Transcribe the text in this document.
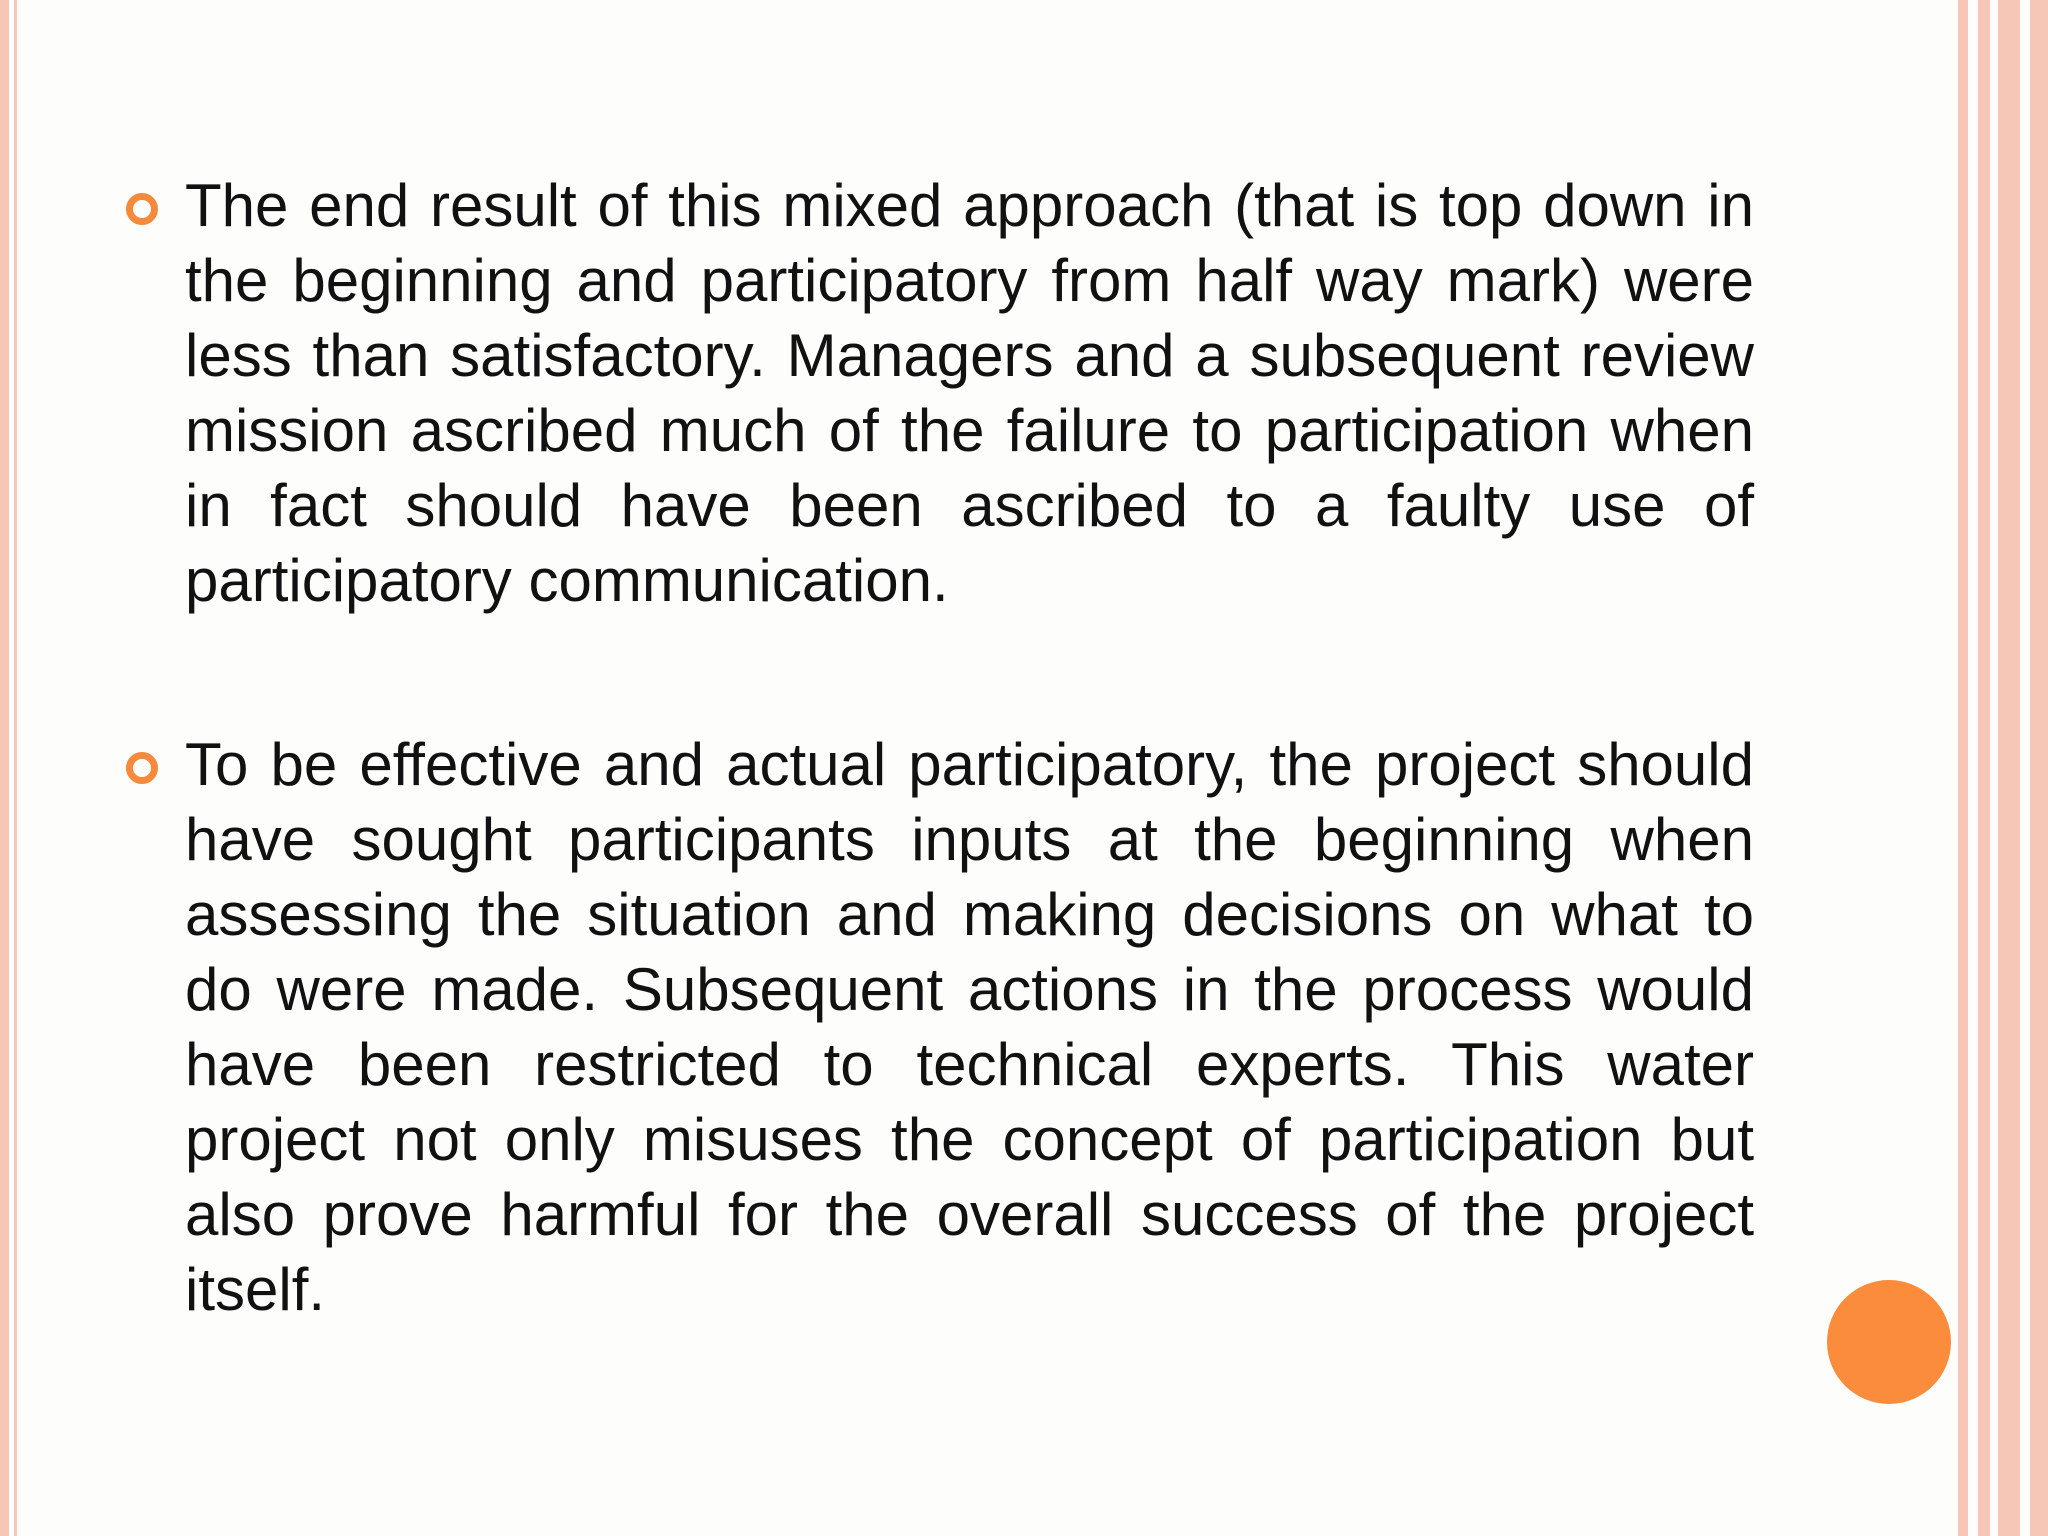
The end result of this mixed approach (that is top down in the beginning and participatory from half way mark) were less than satisfactory. Managers and a subsequent review mission ascribed much of the failure to participation when in fact should have been ascribed to a faulty use of participatory communication.
To be effective and actual participatory, the project should have sought participants inputs at the beginning when assessing the situation and making decisions on what to do were made. Subsequent actions in the process would have been restricted to technical experts. This water project not only misuses the concept of participation but also prove harmful for the overall success of the project itself.
